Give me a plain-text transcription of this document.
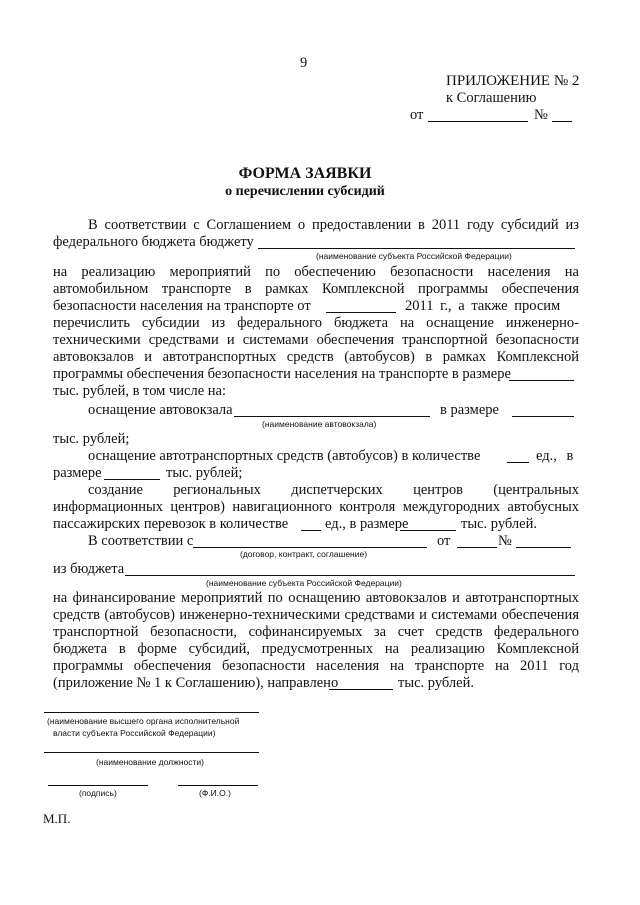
9
ПРИЛОЖЕНИЕ № 2
к Соглашению
от	№
ФОРМА ЗАЯВКИ
о перечислении субсидий
В соответствии с Соглашением о предоставлении в 2011 году субсидий из
федерального бюджета бюджету
(наименование субъекта Российской Федерации)
на реализацию мероприятий по обеспечению безопасности населения на
автомобильном транспорте в рамках Комплексной программы обеспечения
безопасности населения на транспорте от	2011 г., а также просим
перечислить субсидии из федерального бюджета на оснащение инженерно-
техническими средствами и системами обеспечения транспортной безопасности
автовокзалов и автотранспортных средств (автобусов) в рамках Комплексной
программы обеспечения безопасности населения на транспорте в размере
тыс. рублей, в том числе на:
оснащение автовокзала	в размере
(наименование автовокзала)
тыс. рублей;
оснащение автотранспортных средств (автобусов) в количестве	ед., в
размере	тыс. рублей;
создание региональных диспетчерских центров (центральных
информационных центров) навигационного контроля междугородних автобусных
пассажирских перевозок в количестве	ед., в размере	тыс. рублей.
В соответствии с	от	№
(договор, контракт, соглашение)
из бюджета
(наименование субъекта Российской Федерации)
на финансирование мероприятий по оснащению автовокзалов и автотранспортных
средств (автобусов) инженерно-техническими средствами и системами обеспечения
транспортной безопасности, софинансируемых за счет средств федерального
бюджета в форме субсидий, предусмотренных на реализацию Комплексной
программы обеспечения безопасности населения на транспорте на 2011 год
(приложение № 1 к Соглашению), направлено	тыс. рублей.
(наименование высшего органа исполнительной
власти субъекта Российской Федерации)
(наименование должности)
(подпись)	(Ф.И.О.)
М.П.
